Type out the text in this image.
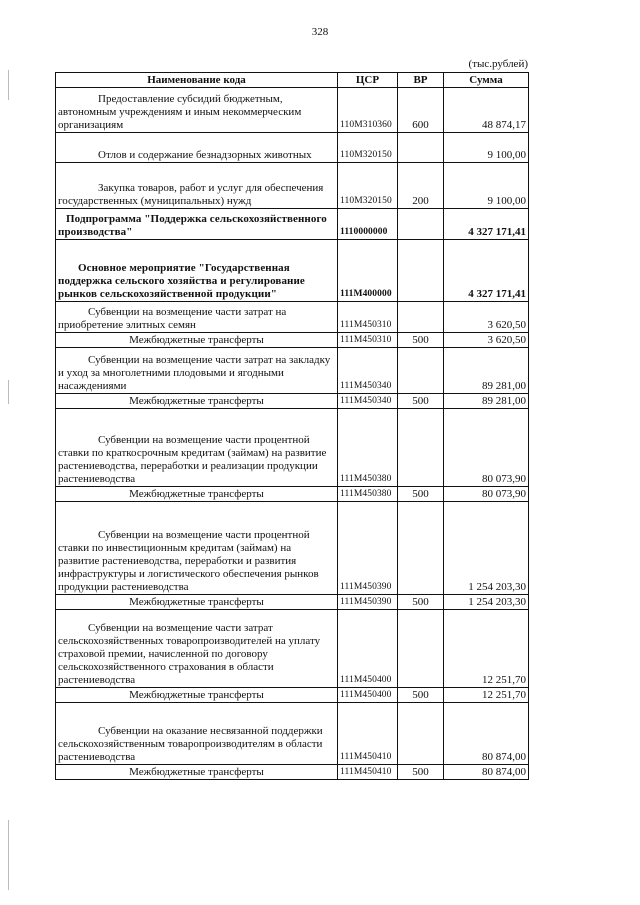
328
(тыс.рублей)
Наименование кода	ЦСР	ВР	Сумма
Предоставление субсидий бюджетным, автономным учреждениям и иным некоммерческим организациям	110М310360	600	48 874,17
Отлов и содержание безнадзорных животных	110М320150		9 100,00
Закупка товаров, работ и услуг для обеспечения государственных (муниципальных) нужд	110М320150	200	9 100,00
Подпрограмма "Поддержка сельскохозяйственного производства"	1110000000		4 327 171,41
Основное мероприятие "Государственная поддержка сельского хозяйства и регулирование рынков сельскохозяйственной продукции"	111М400000		4 327 171,41
Субвенции на возмещение части затрат на приобретение элитных семян	111М450310		3 620,50
Межбюджетные трансферты	111М450310	500	3 620,50
Субвенции на возмещение части затрат на закладку и уход за многолетними плодовыми и ягодными насаждениями	111М450340		89 281,00
Межбюджетные трансферты	111М450340	500	89 281,00
Субвенции на возмещение части процентной ставки по краткосрочным кредитам (займам) на развитие растениеводства, переработки и реализации продукции растениеводства	111М450380		80 073,90
Межбюджетные трансферты	111М450380	500	80 073,90
Субвенции на возмещение части процентной ставки по инвестиционным кредитам (займам) на развитие растениеводства, переработки и развития инфраструктуры и логистического обеспечения рынков продукции растениеводства	111М450390		1 254 203,30
Межбюджетные трансферты	111М450390	500	1 254 203,30
Субвенции на возмещение части затрат сельскохозяйственных товаропроизводителей на уплату страховой премии, начисленной по договору сельскохозяйственного страхования в области растениеводства	111М450400		12 251,70
Межбюджетные трансферты	111М450400	500	12 251,70
Субвенции на оказание несвязанной поддержки сельскохозяйственным товаропроизводителям в области растениеводства	111М450410		80 874,00
Межбюджетные трансферты	111М450410	500	80 874,00
